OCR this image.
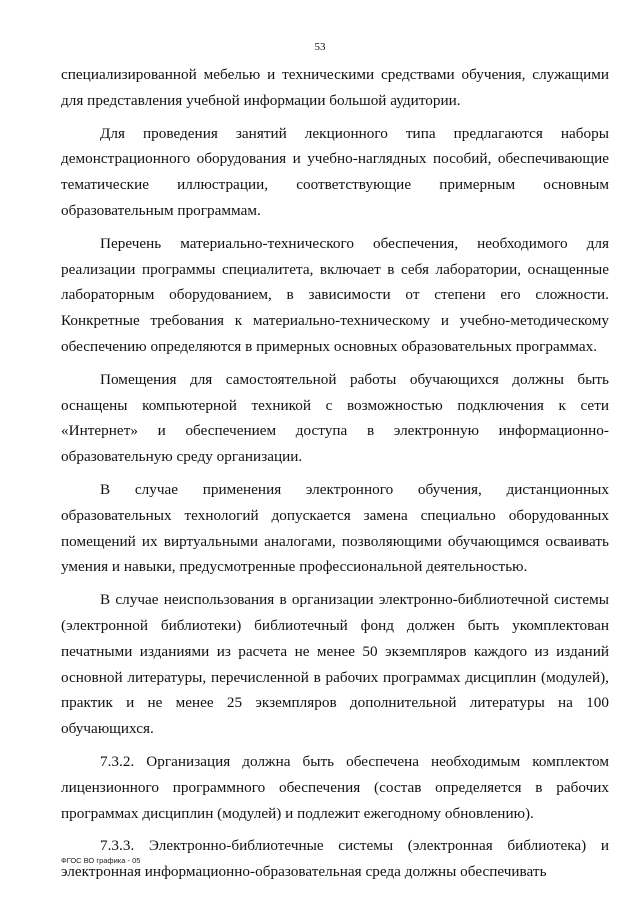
53

специализированной мебелью и техническими средствами обучения, служащими для представления учебной информации большой аудитории.

Для проведения занятий лекционного типа предлагаются наборы демонстрационного оборудования и учебно-наглядных пособий, обеспечивающие тематические иллюстрации, соответствующие примерным основным образовательным программам.

Перечень материально-технического обеспечения, необходимого для реализации программы специалитета, включает в себя лаборатории, оснащенные лабораторным оборудованием, в зависимости от степени его сложности. Конкретные требования к материально-техническому и учебно-методическому обеспечению определяются в примерных основных образовательных программах.

Помещения для самостоятельной работы обучающихся должны быть оснащены компьютерной техникой с возможностью подключения к сети «Интернет» и обеспечением доступа в электронную информационно-образовательную среду организации.

В случае применения электронного обучения, дистанционных образовательных технологий допускается замена специально оборудованных помещений их виртуальными аналогами, позволяющими обучающимся осваивать умения и навыки, предусмотренные профессиональной деятельностью.

В случае неиспользования в организации электронно-библиотечной системы (электронной библиотеки) библиотечный фонд должен быть укомплектован печатными изданиями из расчета не менее 50 экземпляров каждого из изданий основной литературы, перечисленной в рабочих программах дисциплин (модулей), практик и не менее 25 экземпляров дополнительной литературы на 100 обучающихся.

7.3.2. Организация должна быть обеспечена необходимым комплектом лицензионного программного обеспечения (состав определяется в рабочих программах дисциплин (модулей) и подлежит ежегодному обновлению).

7.3.3. Электронно-библиотечные системы (электронная библиотека) и электронная информационно-образовательная среда должны обеспечивать

ФГОС ВО графика - 05
